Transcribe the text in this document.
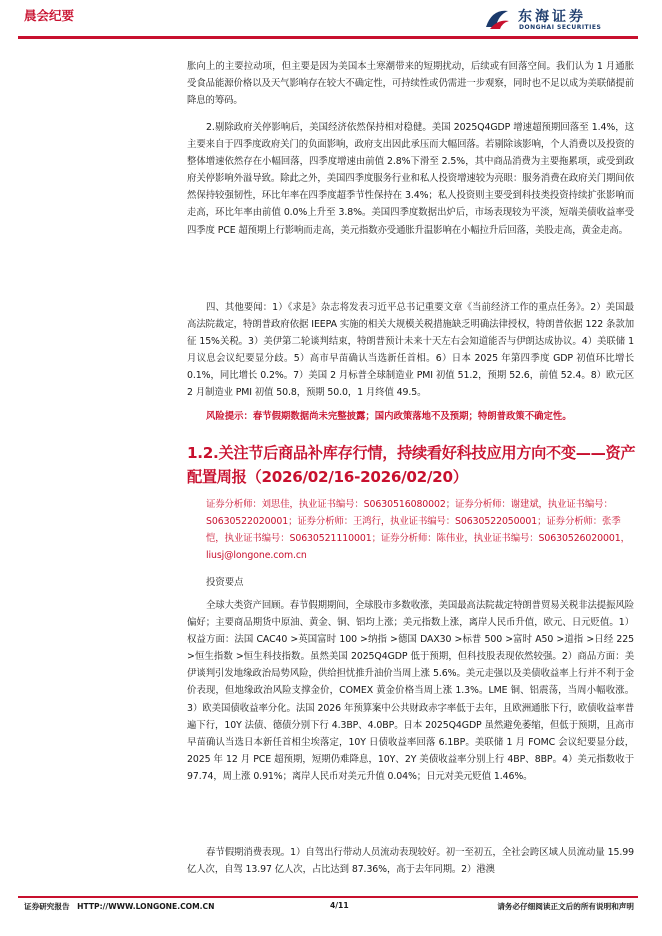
晨会纪要	东海证券
DONGHAI SECURITIES

胀向上的主要拉动项，但主要是因为美国本土寒潮带来的短期扰动，后续或有回落空间。我们认为 1 月通胀受食品能源价格以及天气影响存在较大不确定性，可持续性或仍需进一步观察，同时也不足以成为美联储提前降息的筹码。

2.剔除政府关停影响后，美国经济依然保持相对稳健。美国 2025Q4GDP 增速超预期回落至 1.4%，这主要来自于四季度政府关门的负面影响，政府支出因此承压而大幅回落。若剔除该影响，个人消费以及投资的整体增速依然存在小幅回落，四季度增速由前值 2.8%下滑至 2.5%，其中商品消费为主要拖累项，或受到政府关停影响外溢导致。除此之外，美国四季度服务行业和私人投资增速较为亮眼：服务消费在政府关门期间依然保持较强韧性，环比年率在四季度超季节性保持在 3.4%；私人投资则主要受到科技类投资持续扩张影响而走高，环比年率由前值 0.0%上升至 3.8%。美国四季度数据出炉后，市场表现较为平淡，短端美债收益率受四季度 PCE 超预期上行影响而走高，美元指数亦受通胀升温影响在小幅拉升后回落，美股走高，黄金走高。

四、其他要闻：1）《求是》杂志将发表习近平总书记重要文章《当前经济工作的重点任务》。2）美国最高法院裁定，特朗普政府依据 IEEPA 实施的相关大规模关税措施缺乏明确法律授权，特朗普依据 122 条款加征 15%关税。3）美伊第二轮谈判结束，特朗普预计未来十天左右会知道能否与伊朗达成协议。4）美联储 1 月议息会议纪要显分歧。5）高市早苗确认当选新任首相。6）日本 2025 年第四季度 GDP 初值环比增长 0.1%，同比增长 0.2%。7）美国 2 月标普全球制造业 PMI 初值 51.2，预期 52.6，前值 52.4。8）欧元区 2 月制造业 PMI 初值 50.8，预期 50.0，1 月终值 49.5。

风险提示：春节假期数据尚未完整披露；国内政策落地不及预期；特朗普政策不确定性。

1.2.关注节后商品补库存行情，持续看好科技应用方向不变——资产配置周报（2026/02/16-2026/02/20）

证券分析师：刘思佳，执业证书编号：S0630516080002；证券分析师：谢建斌，执业证书编号：S0630522020001；证券分析师：王鸿行，执业证书编号：S0630522050001；证券分析师：张季恺，执业证书编号：S0630521110001；证券分析师：陈伟业，执业证书编号：S0630526020001，liusj@longone.com.cn

投资要点

全球大类资产回顾。春节假期期间，全球股市多数收涨，美国最高法院裁定特朗普贸易关税非法提振风险偏好；主要商品期货中原油、黄金、铜、铝均上涨；美元指数上涨，离岸人民币升值，欧元、日元贬值。1）权益方面：法国 CAC40 >英国富时 100 >纳指 >德国 DAX30 >标普 500 >富时 A50 >道指 >日经 225 >恒生指数 >恒生科技指数。虽然美国 2025Q4GDP 低于预期，但科技股表现依然较强。2）商品方面：美伊谈判引发地缘政治局势风险，供给担忧推升油价当周上涨 5.6%。美元走强以及美债收益率上行并不利于金价表现，但地缘政治风险支撑金价，COMEX 黄金价格当周上涨 1.3%。LME 铜、铝震荡，当周小幅收涨。3）欧美国债收益率分化。法国 2026 年预算案中公共财政赤字率低于去年，且欧洲通胀下行，欧债收益率普遍下行，10Y 法债、德债分别下行 4.3BP、4.0BP。日本 2025Q4GDP 虽然避免萎缩，但低于预期，且高市早苗确认当选日本新任首相尘埃落定，10Y 日债收益率回落 6.1BP。美联储 1 月 FOMC 会议纪要显分歧，2025 年 12 月 PCE 超预期，短期仍难降息，10Y、2Y 美债收益率分别上行 4BP、8BP。4）美元指数收于 97.74，周上涨 0.91%；离岸人民币对美元升值 0.04%；日元对美元贬值 1.46%。

春节假期消费表现。1）自驾出行带动人员流动表现较好。初一至初五，全社会跨区域人员流动量 15.99 亿人次，自驾 13.97 亿人次，占比达到 87.36%，高于去年同期。2）港澳

证券研究报告　HTTP://WWW.LONGONE.COM.CN	4/11	请务必仔细阅读正文后的所有说明和声明
